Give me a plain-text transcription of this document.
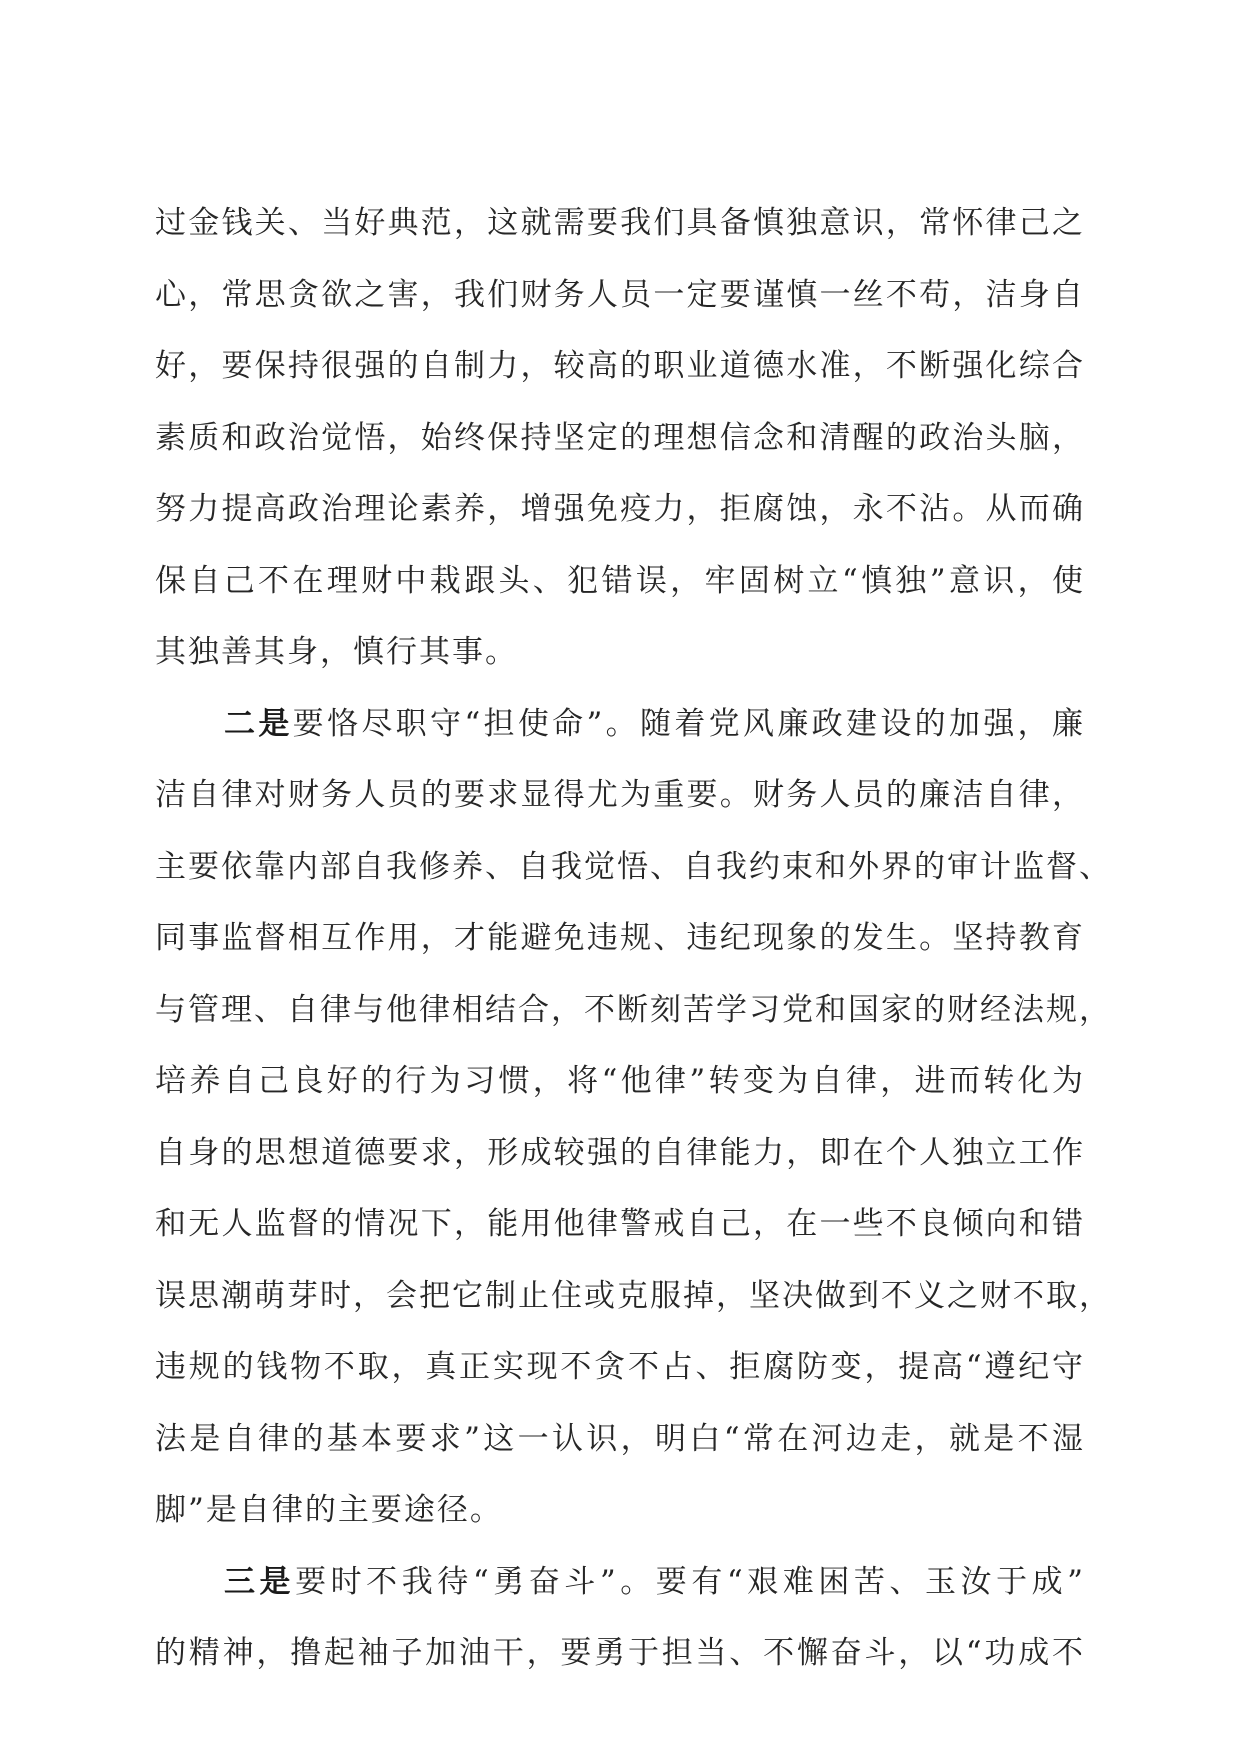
过金钱关、当好典范，这就需要我们具备慎独意识，常怀律己之
心，常思贪欲之害，我们财务人员一定要谨慎一丝不苟，洁身自
好，要保持很强的自制力，较高的职业道德水准，不断强化综合
素质和政治觉悟，始终保持坚定的理想信念和清醒的政治头脑，
努力提高政治理论素养，增强免疫力，拒腐蚀，永不沾。从而确
保自己不在理财中栽跟头、犯错误，牢固树立“慎独”意识，使
其独善其身，慎行其事。
二是要恪尽职守“担使命”。随着党风廉政建设的加强，廉
洁自律对财务人员的要求显得尤为重要。财务人员的廉洁自律，
主要依靠内部自我修养、自我觉悟、自我约束和外界的审计监督、
同事监督相互作用，才能避免违规、违纪现象的发生。坚持教育
与管理、自律与他律相结合，不断刻苦学习党和国家的财经法规，
培养自己良好的行为习惯，将“他律”转变为自律，进而转化为
自身的思想道德要求，形成较强的自律能力，即在个人独立工作
和无人监督的情况下，能用他律警戒自己，在一些不良倾向和错
误思潮萌芽时，会把它制止住或克服掉，坚决做到不义之财不取，
违规的钱物不取，真正实现不贪不占、拒腐防变，提高“遵纪守
法是自律的基本要求”这一认识，明白“常在河边走，就是不湿
脚”是自律的主要途径。
三是要时不我待“勇奋斗”。要有“艰难困苦、玉汝于成”
的精神，撸起袖子加油干，要勇于担当、不懈奋斗，以“功成不
